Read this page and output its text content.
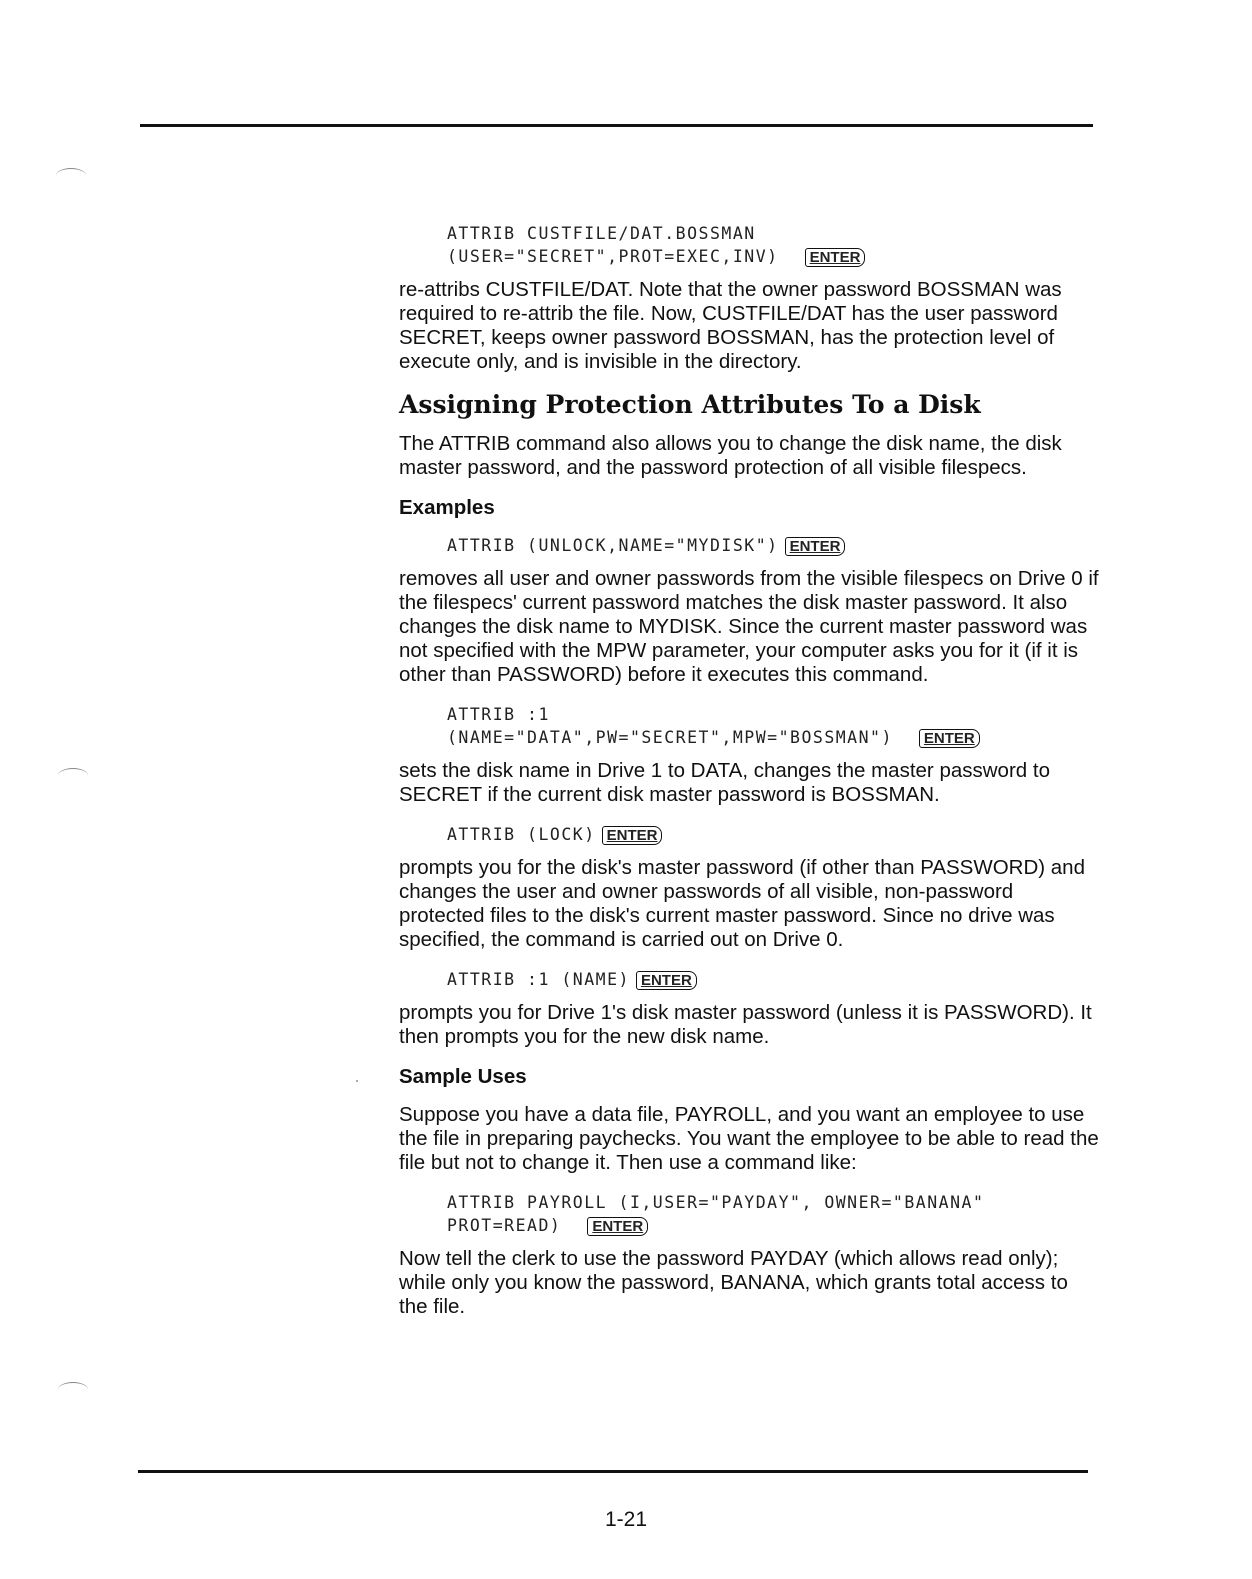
ATTRIB CUSTFILE/DAT.BOSSMAN
(USER="SECRET",PROT=EXEC,INV) ENTER

re-attribs CUSTFILE/DAT. Note that the owner password BOSSMAN was required to re-attrib the file. Now, CUSTFILE/DAT has the user password SECRET, keeps owner password BOSSMAN, has the protection level of execute only, and is invisible in the directory.

Assigning Protection Attributes To a Disk

The ATTRIB command also allows you to change the disk name, the disk master password, and the password protection of all visible filespecs.

Examples
ATTRIB (UNLOCK,NAME="MYDISK") ENTER

removes all user and owner passwords from the visible filespecs on Drive 0 if the filespecs' current password matches the disk master password. It also changes the disk name to MYDISK. Since the current master password was not specified with the MPW parameter, your computer asks you for it (if it is other than PASSWORD) before it executes this command.

ATTRIB :1
(NAME="DATA",PW="SECRET",MPW="BOSSMAN") ENTER

sets the disk name in Drive 1 to DATA, changes the master password to SECRET if the current disk master password is BOSSMAN.

ATTRIB (LOCK) ENTER

prompts you for the disk's master password (if other than PASSWORD) and changes the user and owner passwords of all visible, non-password protected files to the disk's current master password. Since no drive was specified, the command is carried out on Drive 0.

ATTRIB :1 (NAME) ENTER

prompts you for Drive 1's disk master password (unless it is PASSWORD). It then prompts you for the new disk name.

Sample Uses

Suppose you have a data file, PAYROLL, and you want an employee to use the file in preparing paychecks. You want the employee to be able to read the file but not to change it. Then use a command like:

ATTRIB PAYROLL (I,USER="PAYDAY", OWNER="BANANA"
PROT=READ) ENTER

Now tell the clerk to use the password PAYDAY (which allows read only); while only you know the password, BANANA, which grants total access to the file.

1-21
